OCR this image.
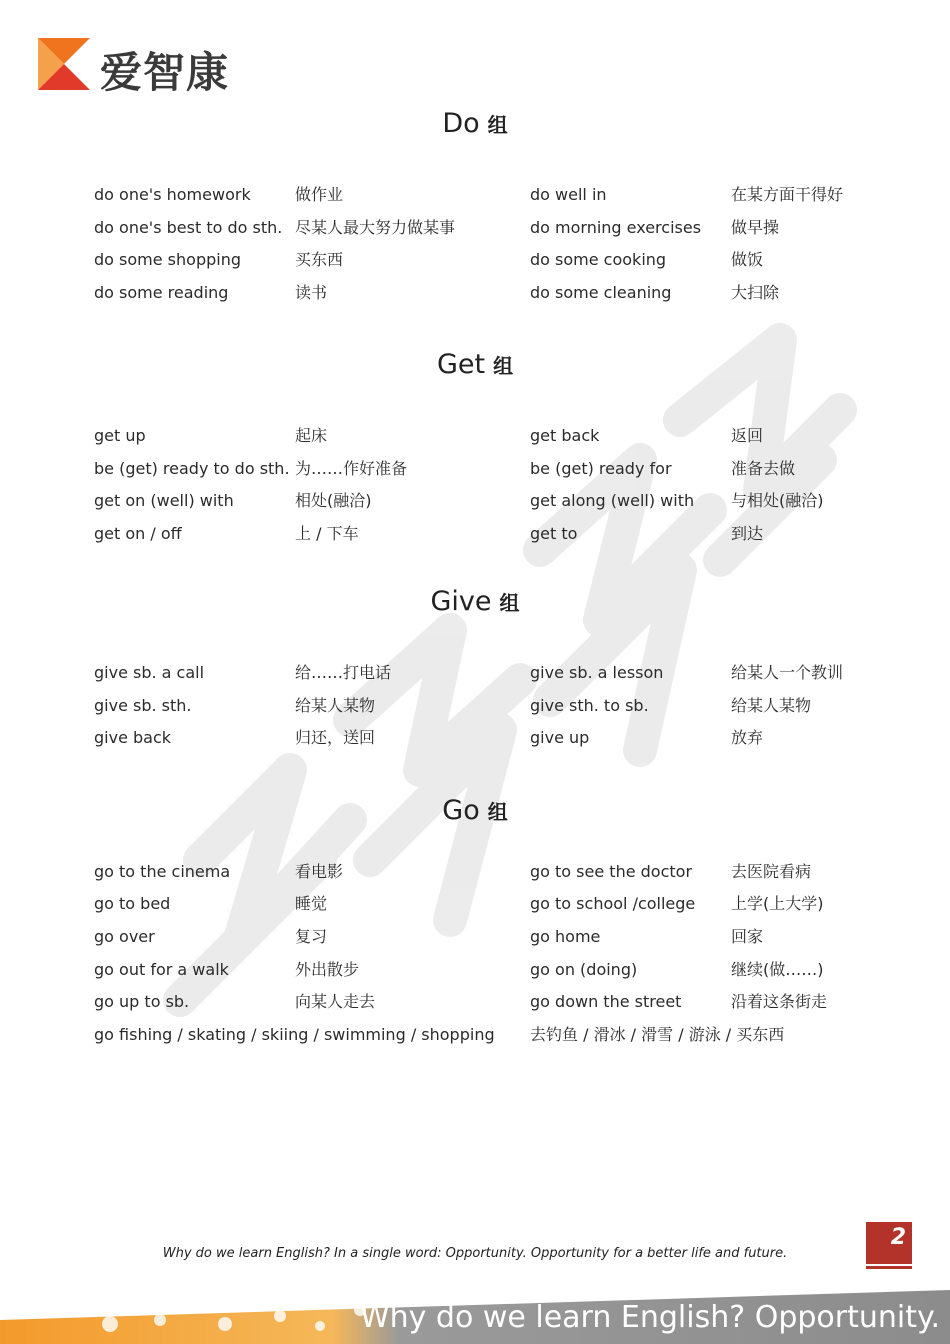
爱智康
Do 组
do one's homework	做作业	do well in	在某方面干得好
do one's best to do sth. 尽某人最大努力做某事	do morning exercises 做早操
do some shopping	买东西	do some cooking	做饭
do some reading	读书	do some cleaning	大扫除
Get 组
get up	起床	get back	返回
be (get) ready to do sth. 为……作好准备	be (get) ready for	准备去做
get on (well) with	相处(融洽)	get along (well) with 与相处(融洽)
get on / off	上 / 下车	get to	到达
Give 组
give sb. a call	给……打电话	give sb. a lesson	给某人一个教训
give sb. sth.	给某人某物	give sth. to sb.	给某人某物
give back	归还，送回	give up	放弃
Go 组
go to the cinema	看电影	go to see the doctor 去医院看病
go to bed	睡觉	go to school /college 上学(上大学)
go over	复习	go home	回家
go out for a walk	外出散步	go on (doing)	继续(做……)
go up to sb.	向某人走去	go down the street	沿着这条街走
go fishing / skating / skiing / swimming / shopping 去钓鱼 / 滑冰 / 滑雪 / 游泳 / 买东西
Why do we learn English? In a single word: Opportunity. Opportunity for a better life and future.
2
Why do we learn English? Opportunity.
